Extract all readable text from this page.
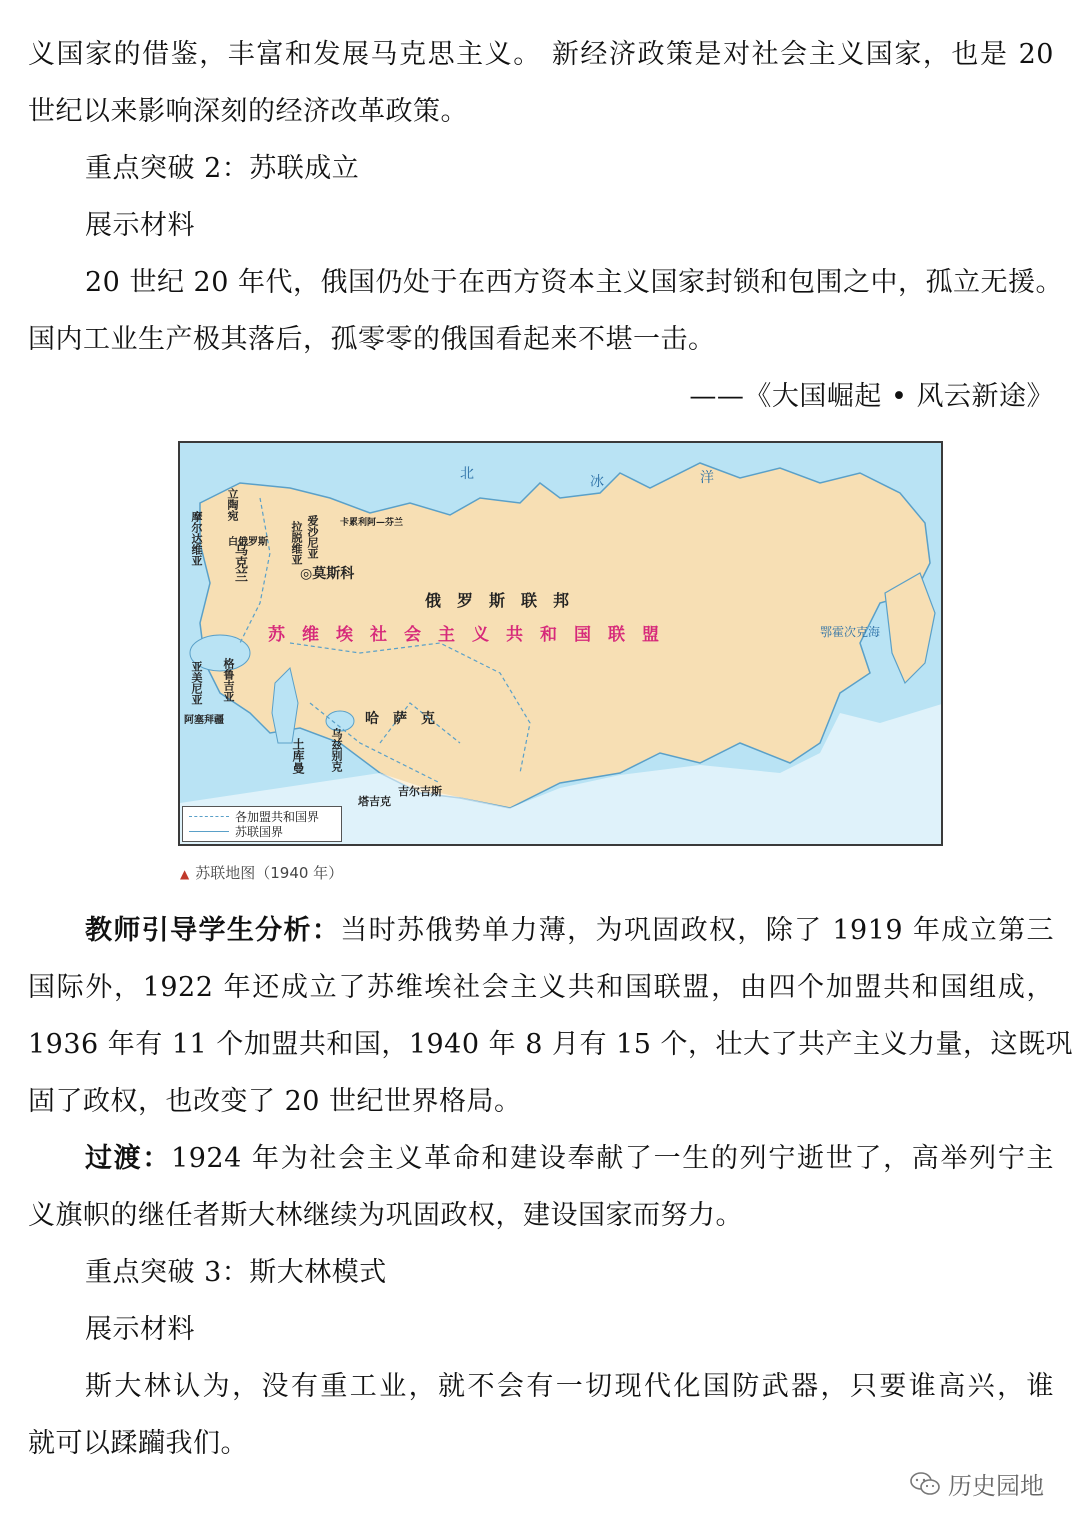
义国家的借鉴，丰富和发展马克思主义。 新经济政策是对社会主义国家，也是 20
世纪以来影响深刻的经济改革政策。
重点突破 2：苏联成立
展示材料
20 世纪 20 年代，俄国仍处于在西方资本主义国家封锁和包围之中，孤立无援。
国内工业生产极其落后，孤零零的俄国看起来不堪一击。
——《大国崛起 • 风云新途》
北	冰	洋
鄂霍次克海
俄　罗　斯　联　邦
苏　维　埃　社　会　主　义　共　和　国　联　盟
◎莫斯科
哈　萨　克
乌克兰
土库曼 乌兹别克
塔吉克
吉尔吉斯
立陶宛
白俄罗斯 拉脱维亚 爱沙尼亚
摩尔达维亚
格鲁吉亚
亚美尼亚
阿塞拜疆
卡累利阿—芬兰
各加盟共和国界
苏联国界
▲ 苏联地图（1940 年）
教师引导学生分析：当时苏俄势单力薄，为巩固政权，除了 1919 年成立第三
国际外，1922 年还成立了苏维埃社会主义共和国联盟，由四个加盟共和国组成，
1936 年有 11 个加盟共和国，1940 年 8 月有 15 个，壮大了共产主义力量，这既巩
固了政权，也改变了 20 世纪世界格局。
过渡：1924 年为社会主义革命和建设奉献了一生的列宁逝世了，高举列宁主
义旗帜的继任者斯大林继续为巩固政权，建设国家而努力。
重点突破 3：斯大林模式
展示材料
斯大林认为，没有重工业，就不会有一切现代化国防武器，只要谁高兴，谁
就可以蹂躏我们。
历史园地
